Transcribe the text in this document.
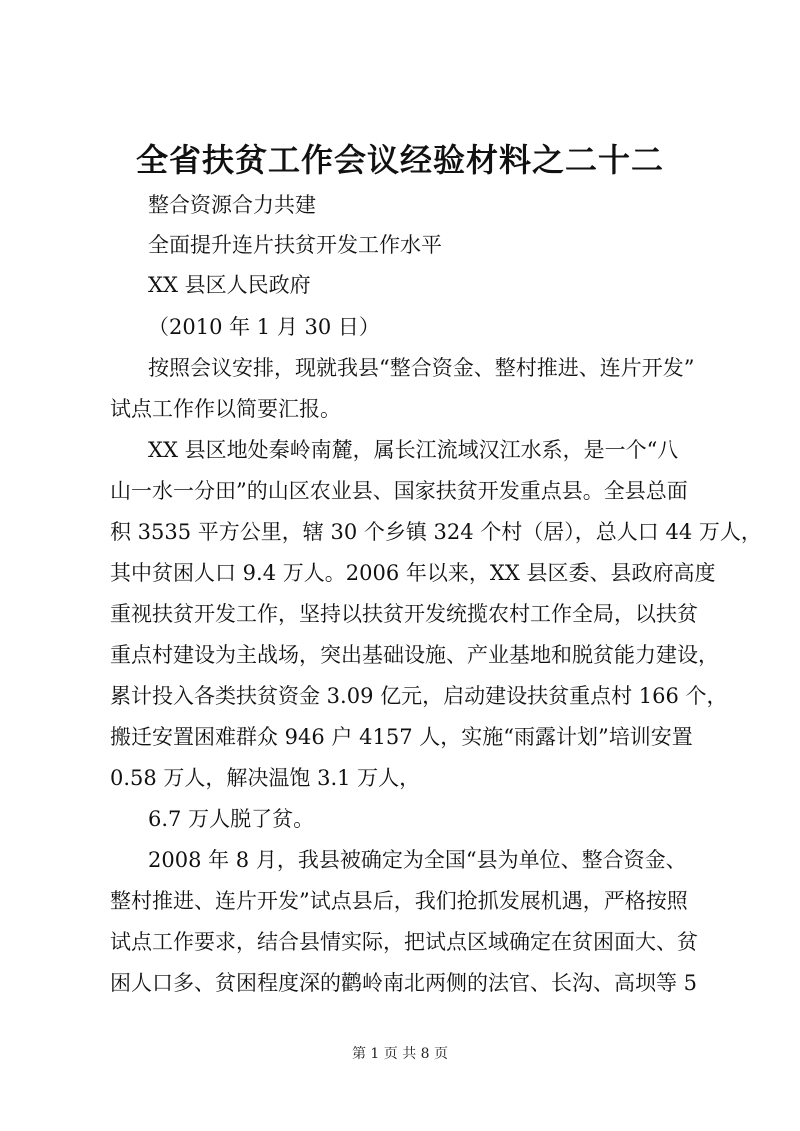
全省扶贫工作会议经验材料之二十二
整合资源合力共建
全面提升连片扶贫开发工作水平
XX 县区人民政府
（2010 年 1 月 30 日）
按照会议安排，现就我县“整合资金、整村推进、连片开发”
试点工作作以简要汇报。
XX 县区地处秦岭南麓，属长江流域汉江水系，是一个“八
山一水一分田”的山区农业县、国家扶贫开发重点县。全县总面
积 3535 平方公里，辖 30 个乡镇 324 个村（居），总人口 44 万人，
其中贫困人口 9.4 万人。2006 年以来，XX 县区委、县政府高度
重视扶贫开发工作，坚持以扶贫开发统揽农村工作全局，以扶贫
重点村建设为主战场，突出基础设施、产业基地和脱贫能力建设，
累计投入各类扶贫资金 3.09 亿元，启动建设扶贫重点村 166 个，
搬迁安置困难群众 946 户 4157 人，实施“雨露计划”培训安置
0.58 万人，解决温饱 3.1 万人，
6.7 万人脱了贫。
2008 年 8 月，我县被确定为全国“县为单位、整合资金、
整村推进、连片开发”试点县后，我们抢抓发展机遇，严格按照
试点工作要求，结合县情实际，把试点区域确定在贫困面大、贫
困人口多、贫困程度深的鹳岭南北两侧的法官、长沟、高坝等 5
第 1 页 共 8 页
